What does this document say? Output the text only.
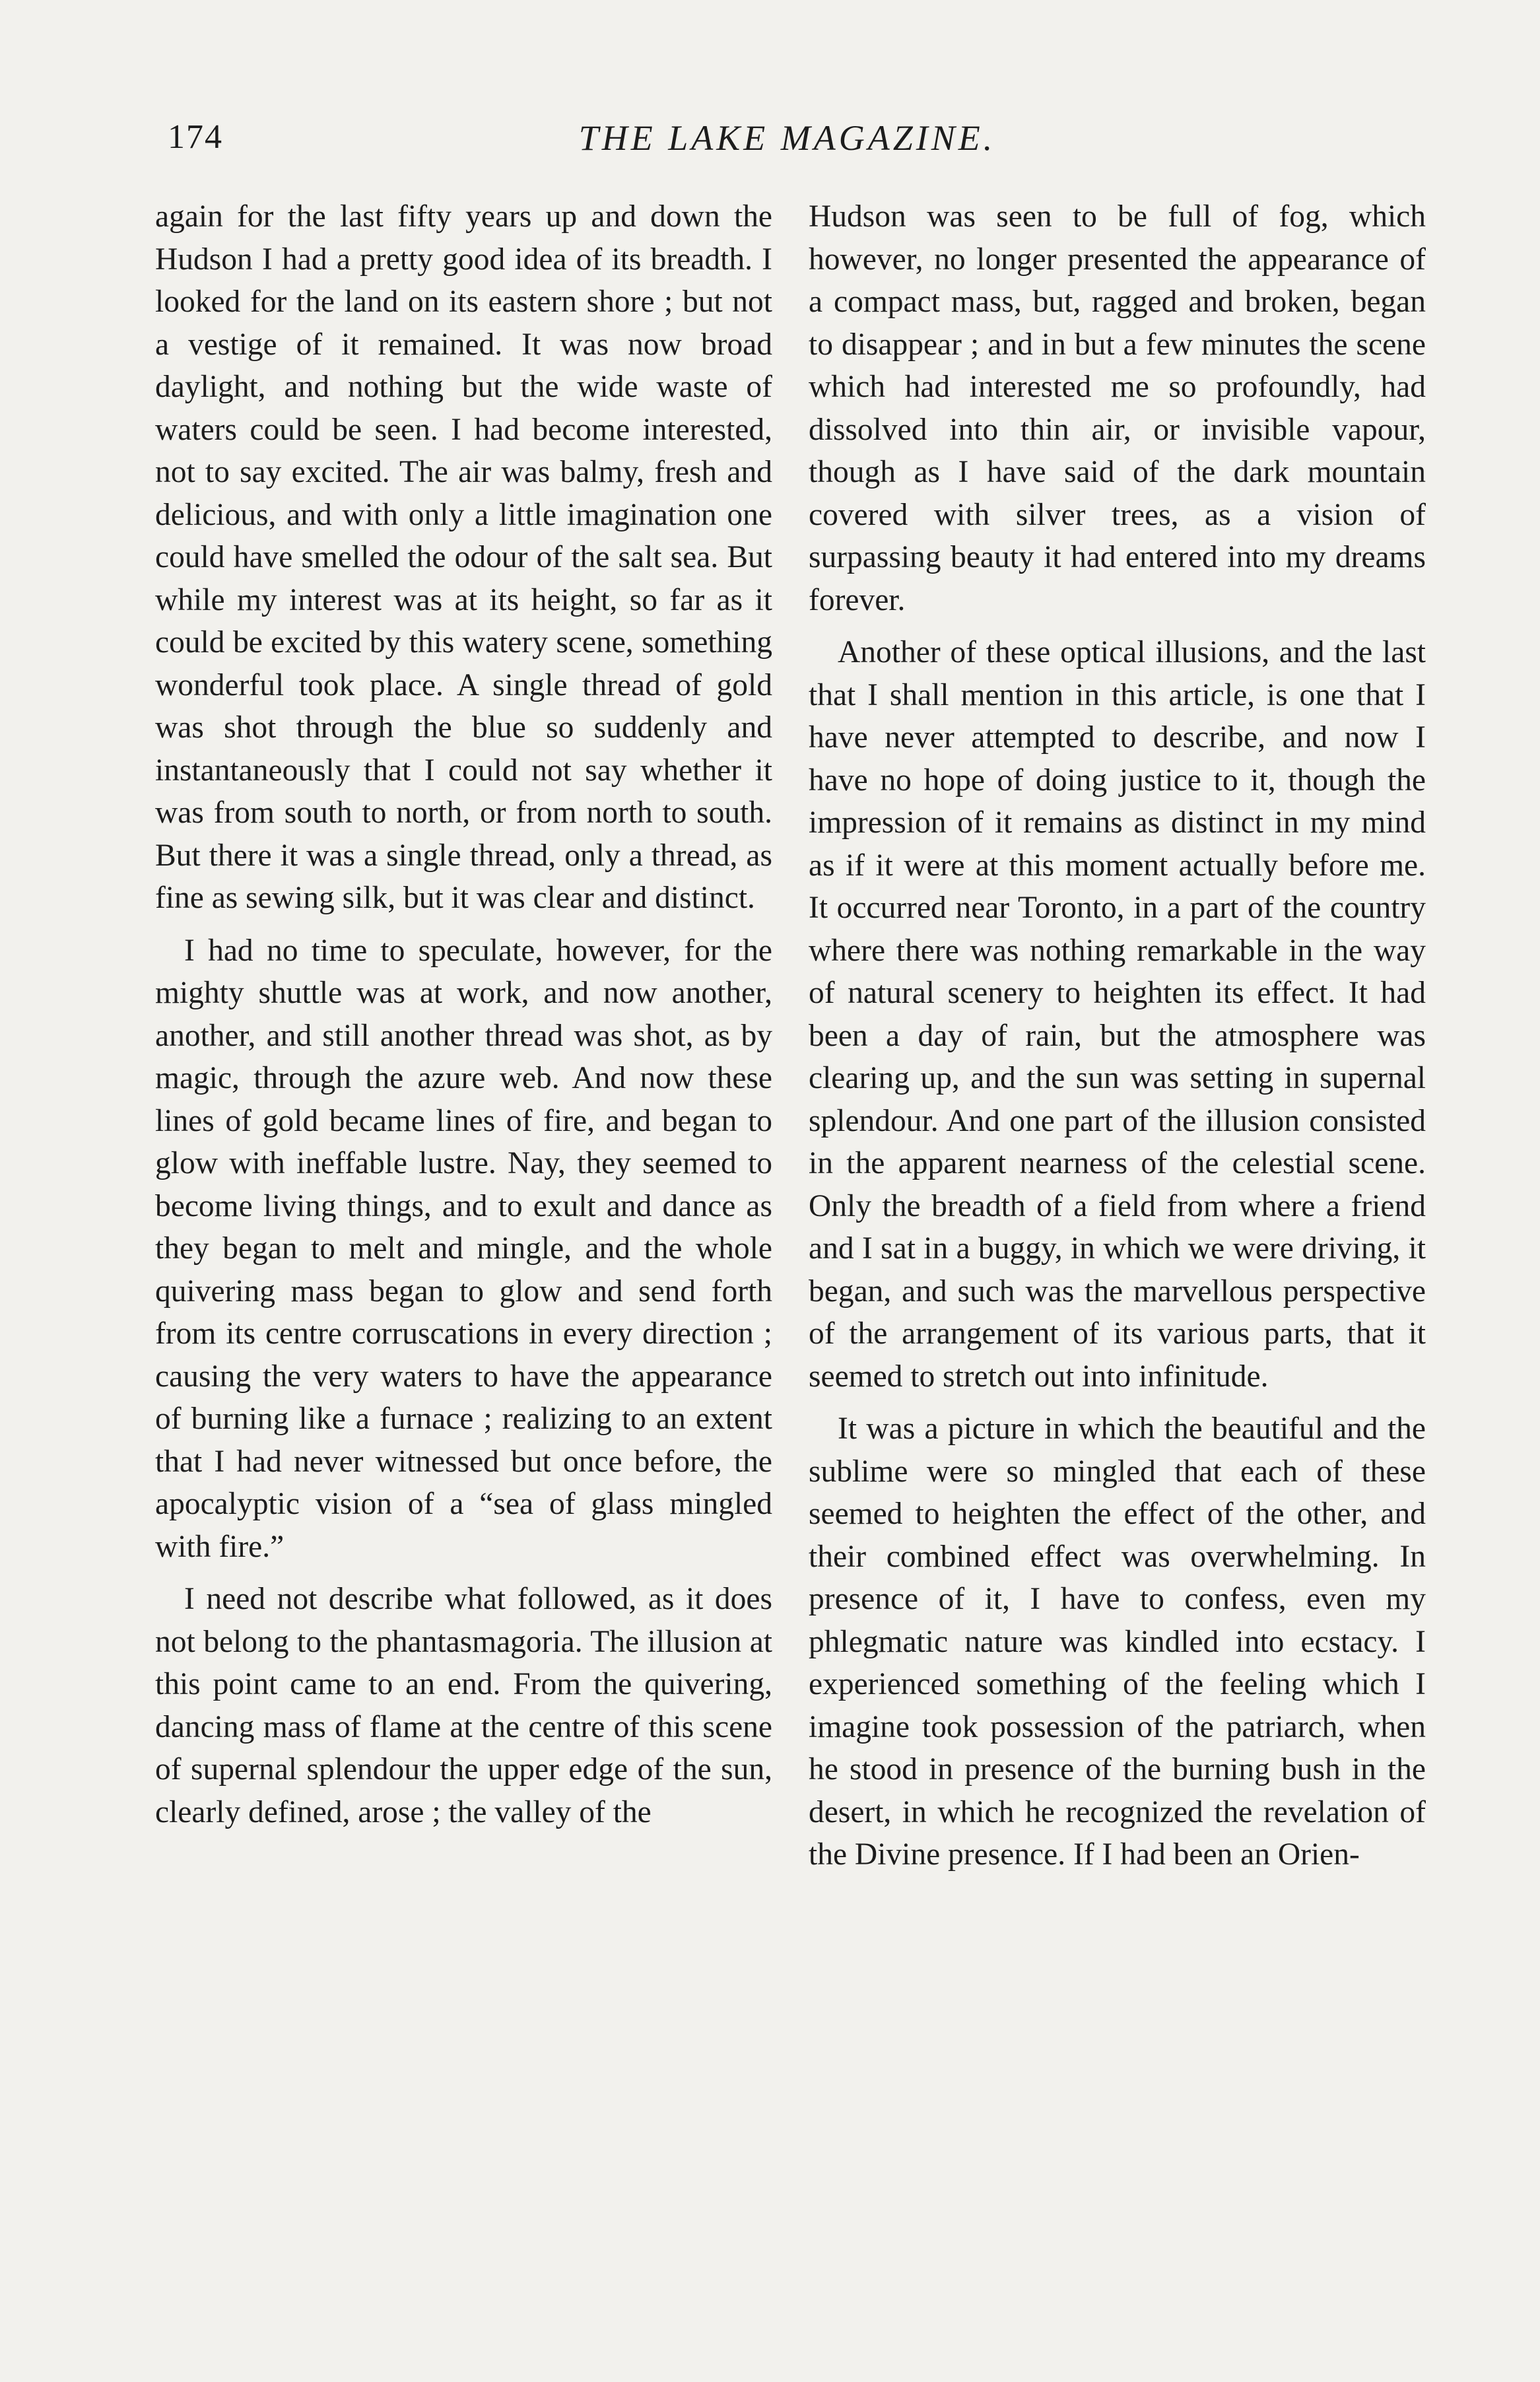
174	THE LAKE MAGAZINE.

again for the last fifty years up and down the Hudson I had a pretty good idea of its breadth. I looked for the land on its eastern shore ; but not a vestige of it remained. It was now broad daylight, and nothing but the wide waste of waters could be seen. I had become interested, not to say excited. The air was balmy, fresh and delicious, and with only a little imagination one could have smelled the odour of the salt sea. But while my interest was at its height, so far as it could be excited by this watery scene, something wonderful took place. A single thread of gold was shot through the blue so suddenly and instantaneously that I could not say whether it was from south to north, or from north to south. But there it was a single thread, only a thread, as fine as sewing silk, but it was clear and distinct.

I had no time to speculate, however, for the mighty shuttle was at work, and now another, another, and still another thread was shot, as by magic, through the azure web. And now these lines of gold became lines of fire, and began to glow with ineffable lustre. Nay, they seemed to become living things, and to exult and dance as they began to melt and mingle, and the whole quivering mass began to glow and send forth from its centre corruscations in every direction ; causing the very waters to have the appearance of burning like a furnace ; realizing to an extent that I had never witnessed but once before, the apocalyptic vision of a “sea of glass mingled with fire.”

I need not describe what followed, as it does not belong to the phantasmagoria. The illusion at this point came to an end. From the quivering, dancing mass of flame at the centre of this scene of supernal splendour the upper edge of the sun, clearly defined, arose ; the valley of the

Hudson was seen to be full of fog, which however, no longer presented the appearance of a compact mass, but, ragged and broken, began to disappear ; and in but a few minutes the scene which had interested me so profoundly, had dissolved into thin air, or invisible vapour, though as I have said of the dark mountain covered with silver trees, as a vision of surpassing beauty it had entered into my dreams forever.

Another of these optical illusions, and the last that I shall mention in this article, is one that I have never attempted to describe, and now I have no hope of doing justice to it, though the impression of it remains as distinct in my mind as if it were at this moment actually before me. It occurred near Toronto, in a part of the country where there was nothing remarkable in the way of natural scenery to heighten its effect. It had been a day of rain, but the atmosphere was clearing up, and the sun was setting in supernal splendour. And one part of the illusion consisted in the apparent nearness of the celestial scene. Only the breadth of a field from where a friend and I sat in a buggy, in which we were driving, it began, and such was the marvellous perspective of the arrangement of its various parts, that it seemed to stretch out into infinitude.

It was a picture in which the beautiful and the sublime were so mingled that each of these seemed to heighten the effect of the other, and their combined effect was overwhelming. In presence of it, I have to confess, even my phlegmatic nature was kindled into ecstacy. I experienced something of the feeling which I imagine took possession of the patriarch, when he stood in presence of the burning bush in the desert, in which he recognized the revelation of the Divine presence. If I had been an Orien-
